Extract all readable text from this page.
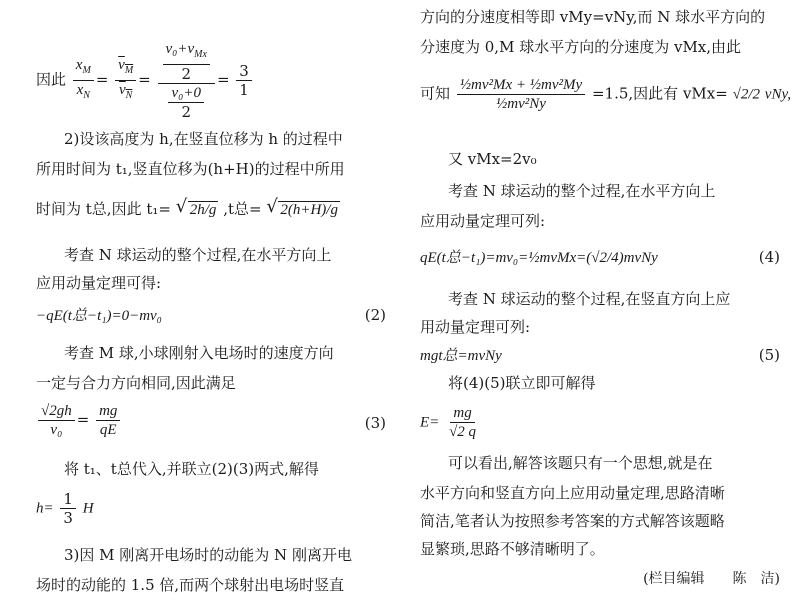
因此 $\frac{x_M}{x_N} = \frac{v_M}{v_N} = \frac{\frac{v_0+v_{Mx}}{2}}{\frac{\text{v₀+0}}{2}} = \frac{3}{1}$
2)设该高度为 h,在竖直位移为 h 的过程中
所用时间为 t₁,竖直位移为(h+H)的过程中所用
时间为 t总,因此 t₁= √ 2h/g ,t总= √ 2(h+H)/g
考查 N 球运动的整个过程,在水平方向上
应用动量定理可得:
−qE(t总−t₁)=0−mv₀	(2)
考查 M 球,小球刚射入电场时的速度方向
一定与合力方向相同,因此满足
$\frac{√2gh}{\text{v₀}} = \frac{mg}{qE}$	(3)
将 t₁、t总代入,并联立(2)(3)两式,解得
$h= \frac{1}{3}$ H
3)因 M 刚离开电场时的动能为 N 刚离开电
场时的动能的 1.5 倍,而两个球射出电场时竖直
方向的分速度相等即 vMy=vNy,而 N 球水平方向的
分速度为 0,M 球水平方向的分速度为 vMx,由此
可知 $\frac{\text{½mv²Mx + ½mv²My}}{\text{½mv²Ny}} =1.5$,因此有 vMx= √2/2 vNy,
又 vMx=2v₀
考查 N 球运动的整个过程,在水平方向上
应用动量定理可列:
qE(t总−t₁)=mv₀=½mvMx=(√2/4)mvNy	(4)
考查 N 球运动的整个过程,在竖直方向上应
用动量定理可列:
mgt总=mvNy	(5)
将(4)(5)联立即可解得
$E= \frac{mg}{√2 q}$
可以看出,解答该题只有一个思想,就是在
水平方向和竖直方向上应用动量定理,思路清晰
简洁,笔者认为按照参考答案的方式解答该题略
显繁琐,思路不够清晰明了。
(栏目编辑　　陈　洁)
